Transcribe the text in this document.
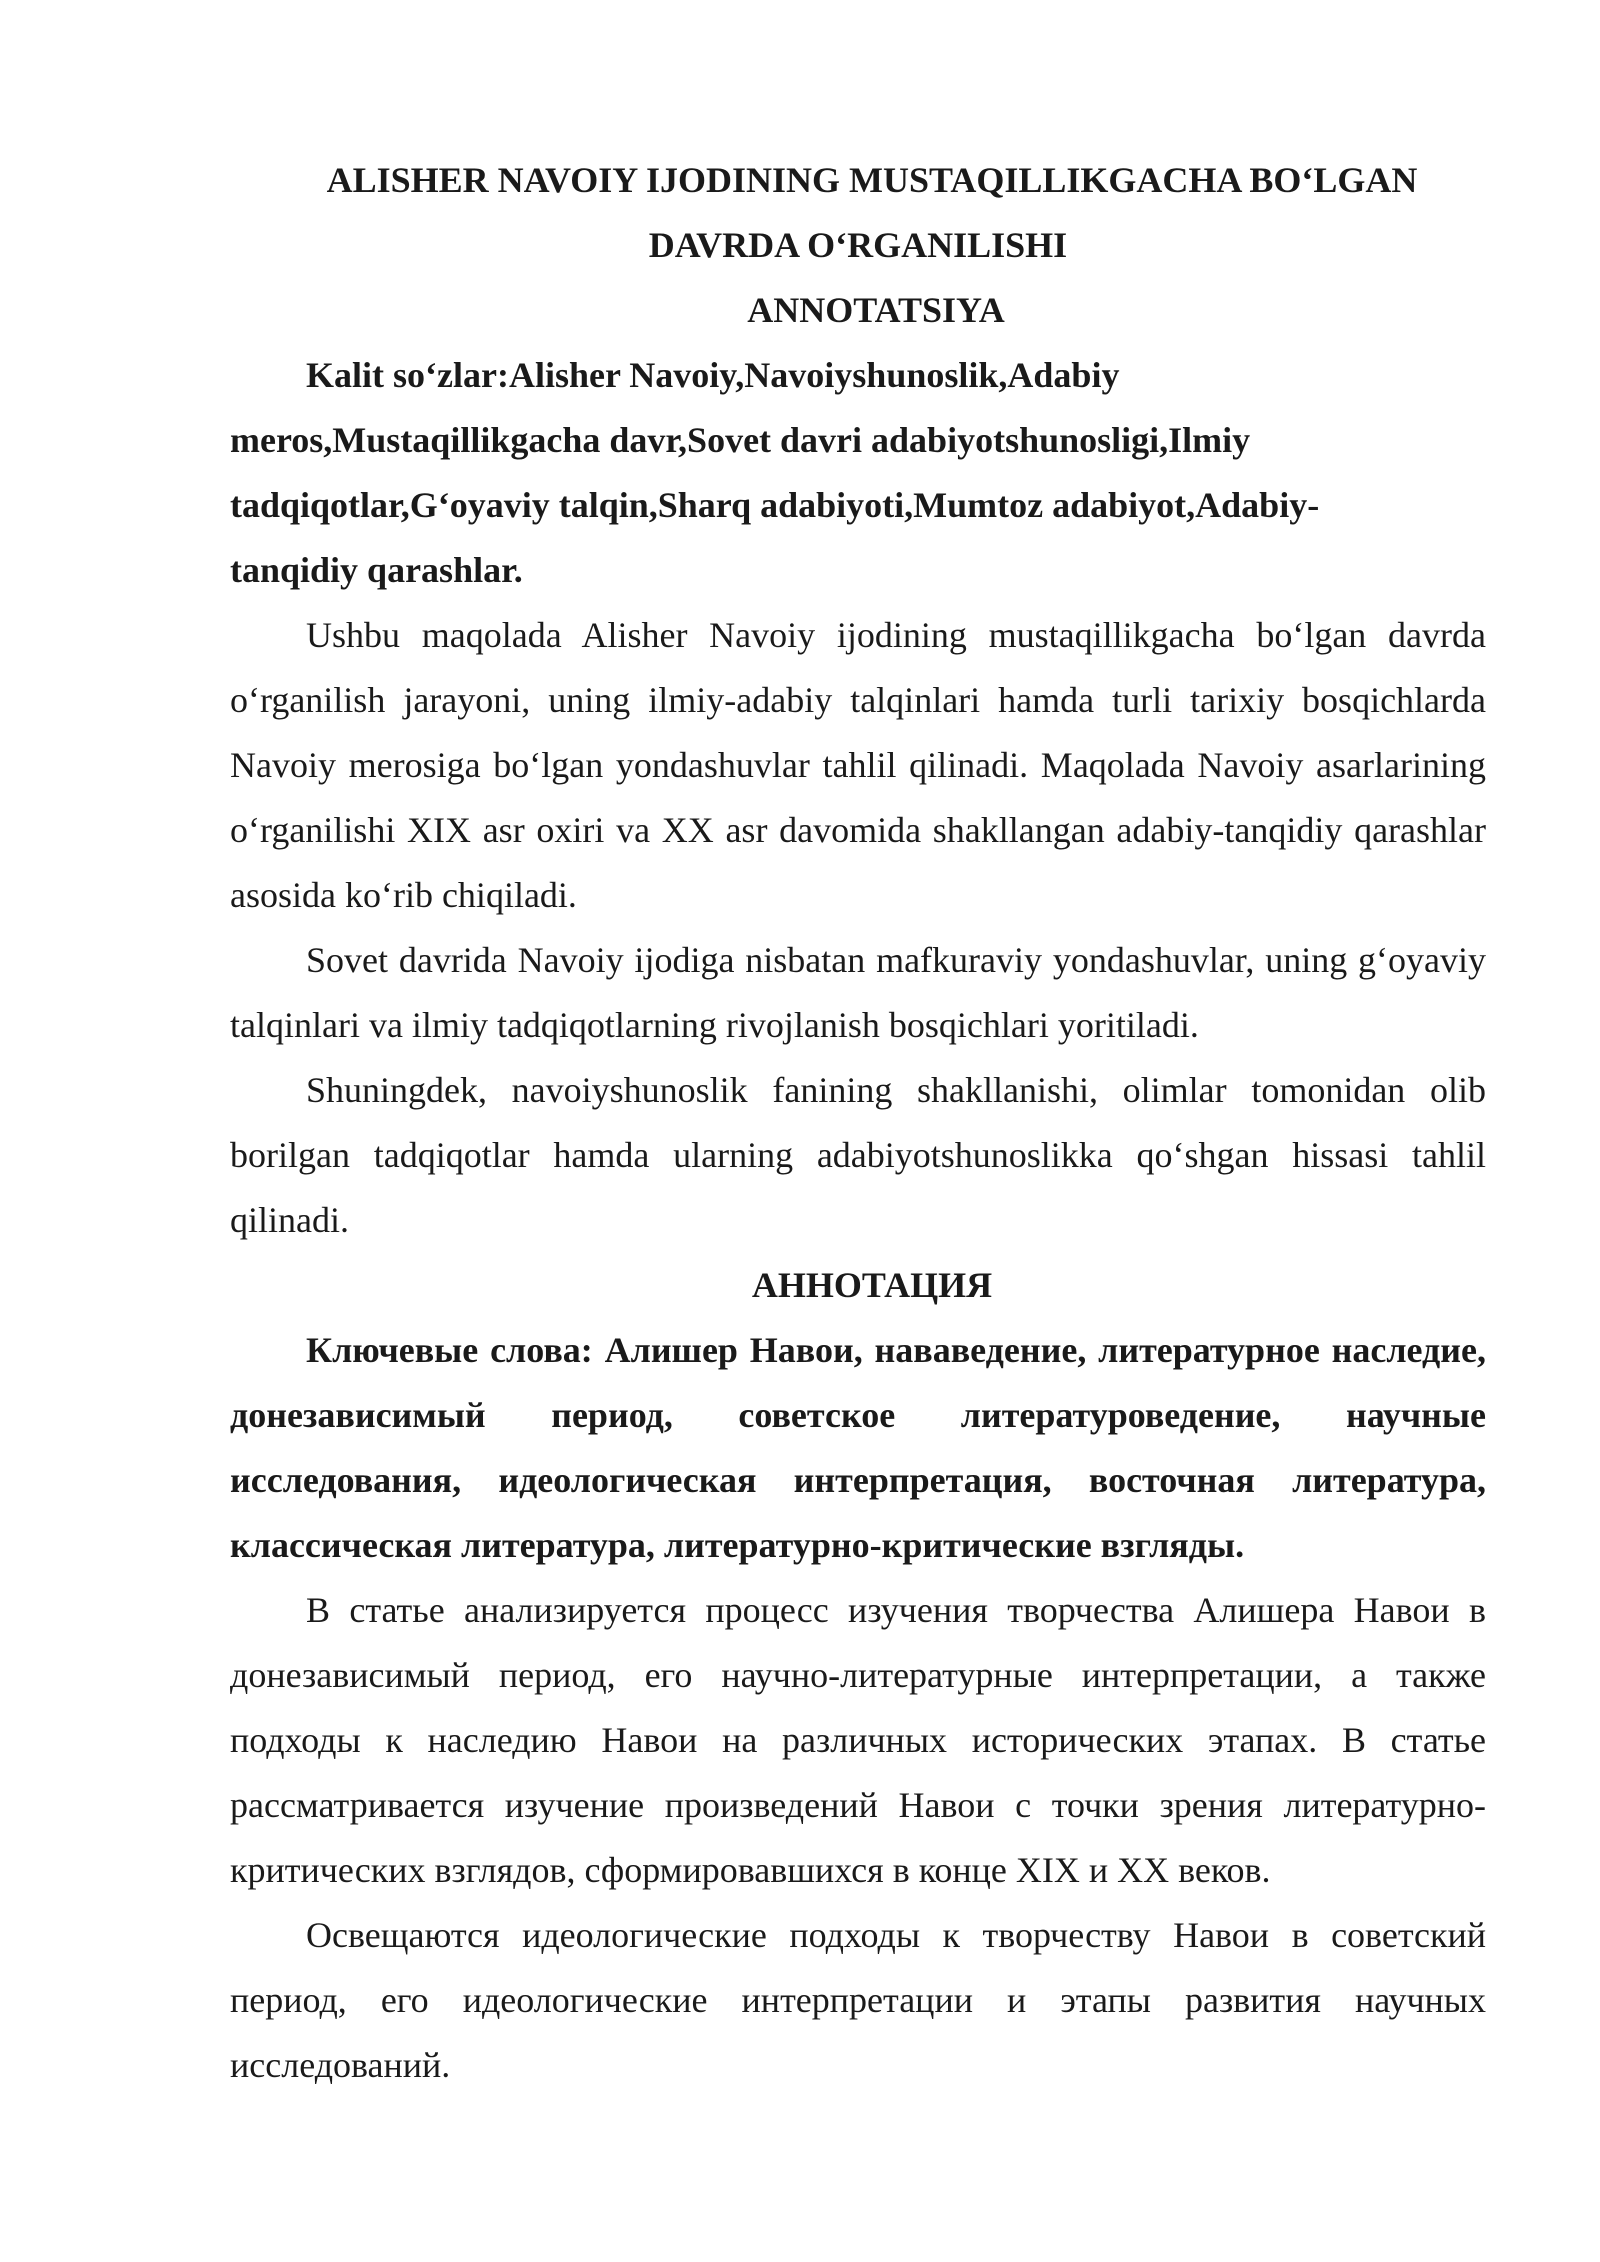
ALISHER NAVOIY IJODINING MUSTAQILLIKGACHA BO‘LGAN

DAVRDA O‘RGANILISHI

ANNOTATSIYA

Kalit so‘zlar:Alisher Navoiy,Navoiyshunoslik,Adabiy
meros,Mustaqillikgacha davr,Sovet davri adabiyotshunosligi,Ilmiy
tadqiqotlar,G‘oyaviy talqin,Sharq adabiyoti,Mumtoz adabiyot,Adabiy-
tanqidiy qarashlar.

Ushbu maqolada Alisher Navoiy ijodining mustaqillikgacha bo‘lgan davrda o‘rganilish jarayoni, uning ilmiy-adabiy talqinlari hamda turli tarixiy bosqichlarda Navoiy merosiga bo‘lgan yondashuvlar tahlil qilinadi. Maqolada Navoiy asarlarining o‘rganilishi XIX asr oxiri va XX asr davomida shakllangan adabiy-tanqidiy qarashlar asosida ko‘rib chiqiladi.

Sovet davrida Navoiy ijodiga nisbatan mafkuraviy yondashuvlar, uning g‘oyaviy talqinlari va ilmiy tadqiqotlarning rivojlanish bosqichlari yoritiladi.

Shuningdek, navoiyshunoslik fanining shakllanishi, olimlar tomonidan olib borilgan tadqiqotlar hamda ularning adabiyotshunoslikka qo‘shgan hissasi tahlil qilinadi.

АННОТАЦИЯ

Ключевые слова: Алишер Навои, нававедение, литературное наследие, донезависимый период, советское литературоведение, научные исследования, идеологическая интерпретация, восточная литература, классическая литература, литературно-критические взгляды.

В статье анализируется процесс изучения творчества Алишера Навои в донезависимый период, его научно-литературные интерпретации, а также подходы к наследию Навои на различных исторических этапах. В статье рассматривается изучение произведений Навои с точки зрения литературно-критических взглядов, сформировавшихся в конце XIX и XX веков.

Освещаются идеологические подходы к творчеству Навои в советский период, его идеологические интерпретации и этапы развития научных исследований.
